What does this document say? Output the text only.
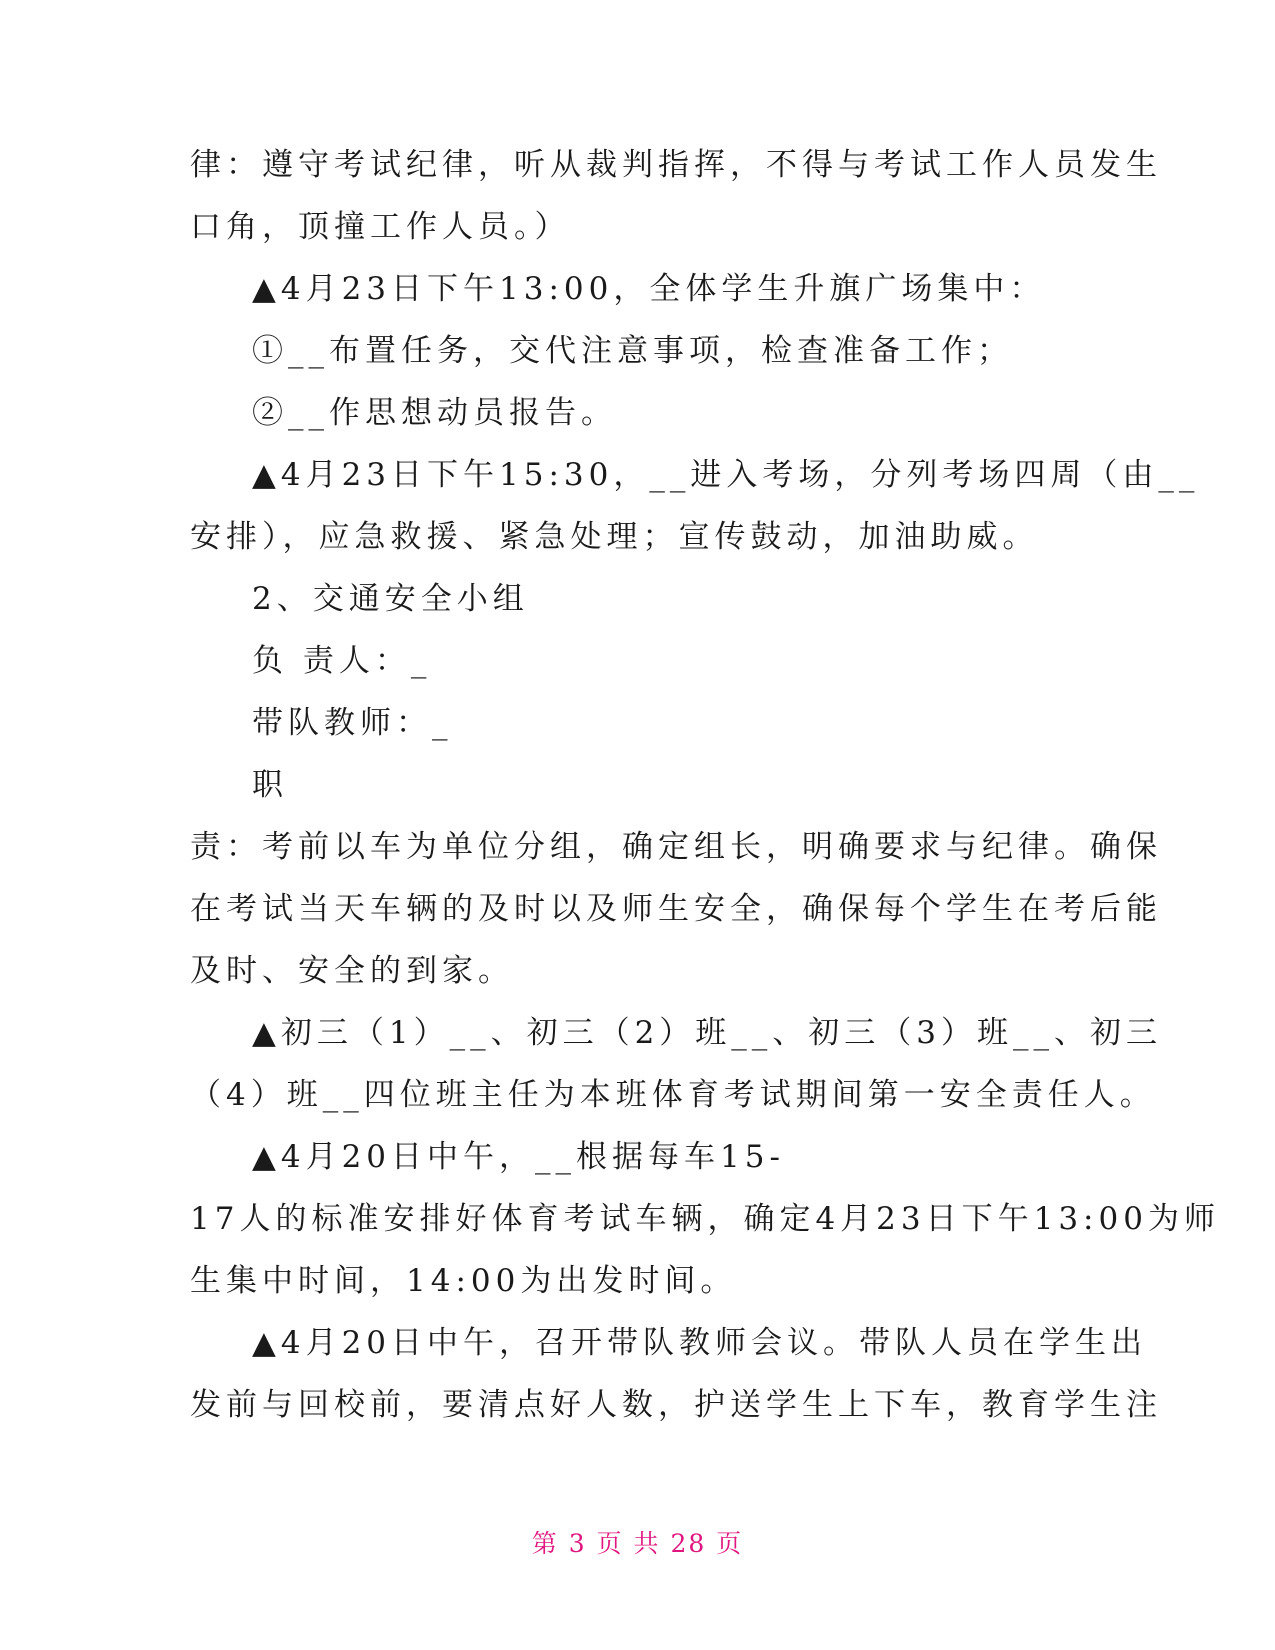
律：遵守考试纪律，听从裁判指挥，不得与考试工作人员发生
口角，顶撞工作人员。）
▲4月23日下午13:00，全体学生升旗广场集中：
①__布置任务，交代注意事项，检查准备工作；
②__作思想动员报告。
▲4月23日下午15:30，__进入考场，分列考场四周（由__
安排），应急救援、紧急处理；宣传鼓动，加油助威。
2、交通安全小组
负 责人：_
带队教师：_
职
责：考前以车为单位分组，确定组长，明确要求与纪律。确保
在考试当天车辆的及时以及师生安全，确保每个学生在考后能
及时、安全的到家。
▲初三（1）__、初三（2）班__、初三（3）班__、初三
（4）班__四位班主任为本班体育考试期间第一安全责任人。
▲4月20日中午，__根据每车15-
17人的标准安排好体育考试车辆，确定4月23日下午13:00为师
生集中时间，14:00为出发时间。
▲4月20日中午，召开带队教师会议。带队人员在学生出
发前与回校前，要清点好人数，护送学生上下车，教育学生注
第 3 页 共 28 页
